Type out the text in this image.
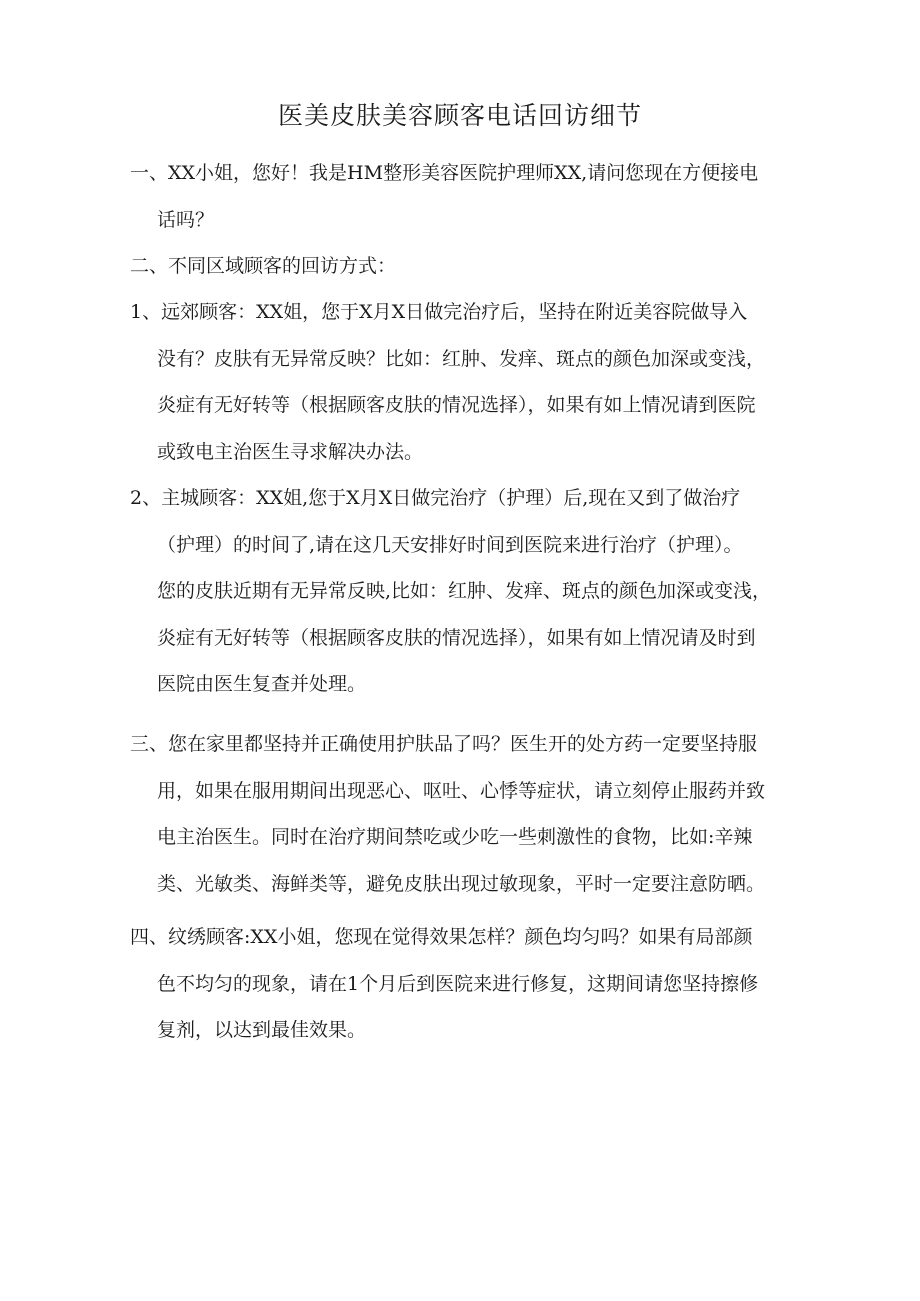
医美皮肤美容顾客电话回访细节
一、XX小姐，您好！我是HM整形美容医院护理师XX,请问您现在方便接电
话吗？
二、不同区域顾客的回访方式：
1、远郊顾客：XX姐，您于X月X日做完治疗后，坚持在附近美容院做导入
没有？皮肤有无异常反映？比如：红肿、发痒、斑点的颜色加深或变浅，
炎症有无好转等（根据顾客皮肤的情况选择），如果有如上情况请到医院
或致电主治医生寻求解决办法。
2、主城顾客：XX姐,您于X月X日做完治疗（护理）后,现在又到了做治疗
（护理）的时间了,请在这几天安排好时间到医院来进行治疗（护理）。
您的皮肤近期有无异常反映,比如：红肿、发痒、斑点的颜色加深或变浅，
炎症有无好转等（根据顾客皮肤的情况选择），如果有如上情况请及时到
医院由医生复查并处理。
三、您在家里都坚持并正确使用护肤品了吗？医生开的处方药一定要坚持服
用，如果在服用期间出现恶心、呕吐、心悸等症状，请立刻停止服药并致
电主治医生。同时在治疗期间禁吃或少吃一些刺激性的食物，比如:辛辣
类、光敏类、海鲜类等，避免皮肤出现过敏现象，平时一定要注意防晒。
四、纹绣顾客:XX小姐，您现在觉得效果怎样？颜色均匀吗？如果有局部颜
色不均匀的现象，请在1个月后到医院来进行修复，这期间请您坚持擦修
复剂，以达到最佳效果。
